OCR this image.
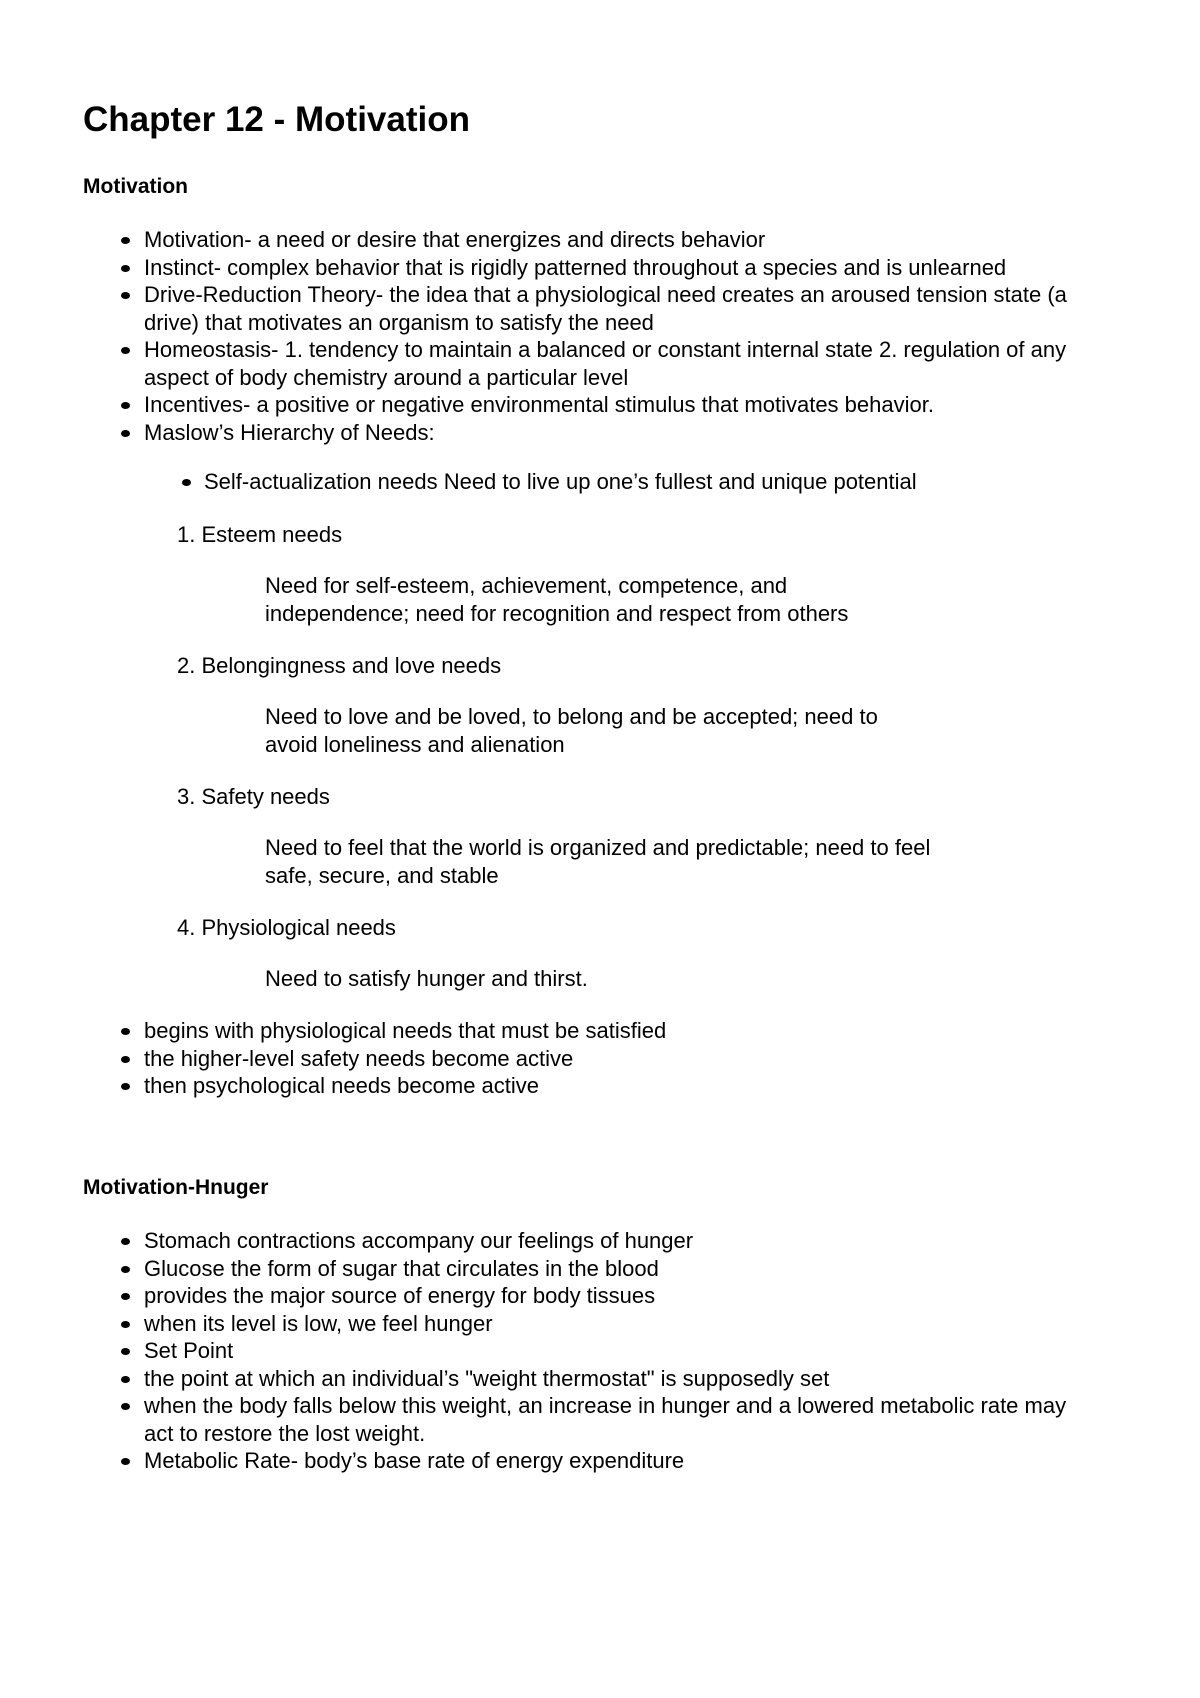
Chapter 12 - Motivation
Motivation
Motivation- a need or desire that energizes and directs behavior
Instinct- complex behavior that is rigidly patterned throughout a species and is unlearned
Drive-Reduction Theory- the idea that a physiological need creates an aroused tension state (a drive) that motivates an organism to satisfy the need
Homeostasis- 1. tendency to maintain a balanced or constant internal state 2. regulation of any aspect of body chemistry around a particular level
Incentives- a positive or negative environmental stimulus that motivates behavior.
Maslow’s Hierarchy of Needs:
Self-actualization needs Need to live up one’s fullest and unique potential
1. Esteem needs
Need for self-esteem, achievement, competence, and
independence; need for recognition and respect from others
2. Belongingness and love needs
Need to love and be loved, to belong and be accepted; need to
avoid loneliness and alienation
3. Safety needs
Need to feel that the world is organized and predictable; need to feel
safe, secure, and stable
4. Physiological needs
Need to satisfy hunger and thirst.
begins with physiological needs that must be satisfied
the higher-level safety needs become active
then psychological needs become active
Motivation-Hnuger
Stomach contractions accompany our feelings of hunger
Glucose the form of sugar that circulates in the blood
provides the major source of energy for body tissues
when its level is low, we feel hunger
Set Point
the point at which an individual’s "weight thermostat" is supposedly set
when the body falls below this weight, an increase in hunger and a lowered metabolic rate may act to restore the lost weight.
Metabolic Rate- body’s base rate of energy expenditure
